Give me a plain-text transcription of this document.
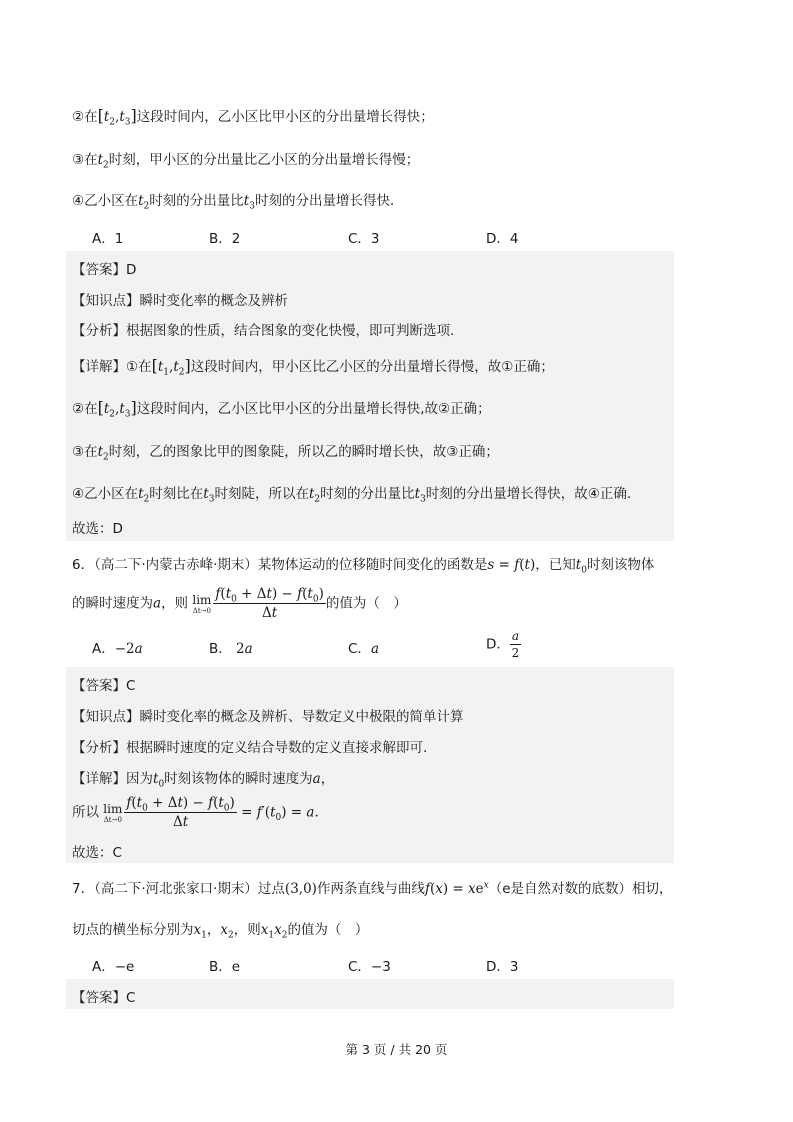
②在$[t_2,t_3]$这段时间内，乙小区比甲小区的分出量增长得快；
③在$t_2$时刻，甲小区的分出量比乙小区的分出量增长得慢；
④乙小区在$t_2$时刻的分出量比$t_3$时刻的分出量增长得快．
A．1	B．2	C．3	D．4
【答案】D
【知识点】瞬时变化率的概念及辨析
【分析】根据图象的性质，结合图象的变化快慢，即可判断选项.
【详解】①在$[t_1,t_2]$这段时间内，甲小区比乙小区的分出量增长得慢，故①正确；
②在$[t_2,t_3]$这段时间内，乙小区比甲小区的分出量增长得快,故②正确；
③在$t_2$时刻，乙的图象比甲的图象陡，所以乙的瞬时增长快，故③正确；
④乙小区在$t_2$时刻比在$t_3$时刻陡，所以在$t_2$时刻的分出量比$t_3$时刻的分出量增长得快，故④正确.
故选：D
6．（高二下·内蒙古赤峰·期末）某物体运动的位移随时间变化的函数是s = f(t)，已知$t_0$时刻该物体
的瞬时速度为a，则 lim
$\Delta t\to 0 \frac{f(t_0 + \Delta t) - f(t_0)}{\Delta t}$ 的值为（　）
A．−2a	B． 2a	C．a	D． $\frac{a}{2}$
【答案】C
【知识点】瞬时变化率的概念及辨析、导数定义中极限的简单计算
【分析】根据瞬时速度的定义结合导数的定义直接求解即可.
【详解】因为$t_0$时刻该物体的瞬时速度为a，
所以 lim
$\Delta t\to 0 \frac{f(t_0 + \Delta t) - f(t_0)}{\Delta t} = f'(t_0) = a$.
故选：C
7．（高二下·河北张家口·期末）过点(3,0)作两条直线与曲线$f(x) = xe^x(e$是自然对数的底数）相切，
切点的横坐标分别为$x_1$，$x_2$，则$x_1x_2$的值为（　）
A．−e	B．e	C．−3	D．3
【答案】C
第 3 页 / 共 20 页
